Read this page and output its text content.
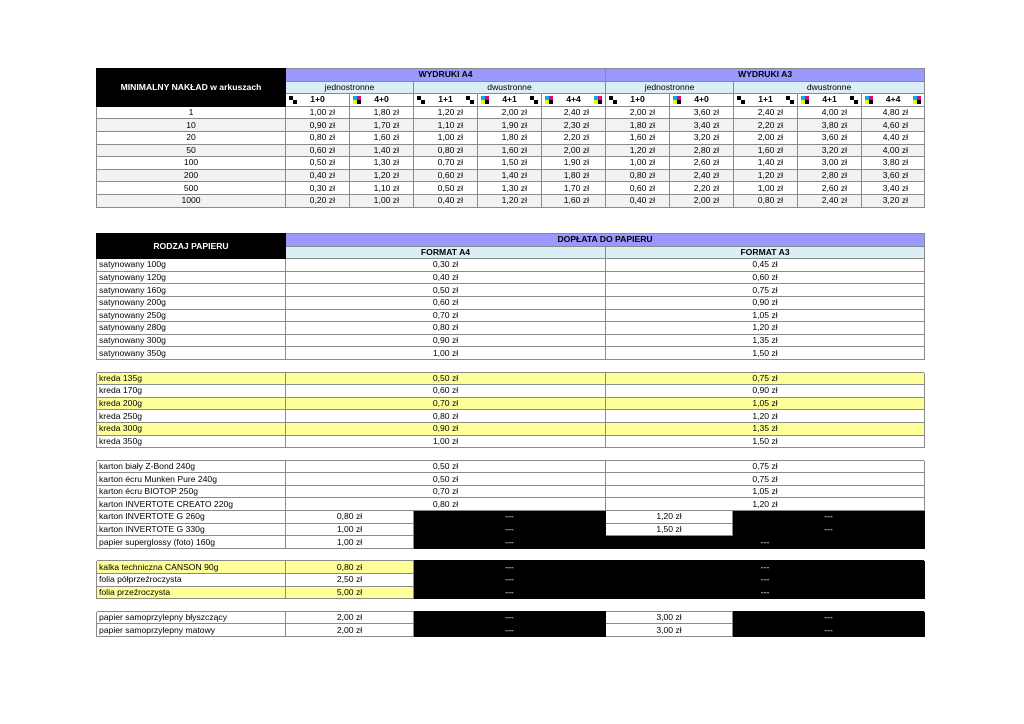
MINIMALNY NAKŁAD w arkuszach	WYDRUKI A4					WYDRUKI A3				
	jednostronne		dwustronne			jednostronne		dwustronne		

1+0	4+0	1+1	4+1	4+4	1+0	4+0	1+1	4+1	4+4

1	1,00 zł	1,80 zł	1,20 zł	2,00 zł	2,40 zł	2,00 zł	3,60 zł	2,40 zł	4,00 zł	4,80 zł
10	0,90 zł	1,70 zł	1,10 zł	1,90 zł	2,30 zł	1,80 zł	3,40 zł	2,20 zł	3,80 zł	4,60 zł
20	0,80 zł	1,60 zł	1,00 zł	1,80 zł	2,20 zł	1,60 zł	3,20 zł	2,00 zł	3,60 zł	4,40 zł
50	0,60 zł	1,40 zł	0,80 zł	1,60 zł	2,00 zł	1,20 zł	2,80 zł	1,60 zł	3,20 zł	4,00 zł
100	0,50 zł	1,30 zł	0,70 zł	1,50 zł	1,90 zł	1,00 zł	2,60 zł	1,40 zł	3,00 zł	3,80 zł
200	0,40 zł	1,20 zł	0,60 zł	1,40 zł	1,80 zł	0,80 zł	2,40 zł	1,20 zł	2,80 zł	3,60 zł
500	0,30 zł	1,10 zł	0,50 zł	1,30 zł	1,70 zł	0,60 zł	2,20 zł	1,00 zł	2,60 zł	3,40 zł
1000	0,20 zł	1,00 zł	0,40 zł	1,20 zł	1,60 zł	0,40 zł	2,00 zł	0,80 zł	2,40 zł	3,20 zł
RODZAJ PAPIERU	DOPŁATA DO PAPIERU			
	FORMAT A4		FORMAT A3	
satynowany 100g	0,30 zł		0,45 zł	
satynowany 120g	0,40 zł		0,60 zł	
satynowany 160g	0,50 zł		0,75 zł	
satynowany 200g	0,60 zł		0,90 zł	
satynowany 250g	0,70 zł		1,05 zł	
satynowany 280g	0,80 zł		1,20 zł	
satynowany 300g	0,90 zł		1,35 zł	
satynowany 350g	1,00 zł		1,50 zł	

kreda 135g	0,50 zł		0,75 zł	
kreda 170g	0,60 zł		0,90 zł	
kreda 200g	0,70 zł		1,05 zł	
kreda 250g	0,80 zł		1,20 zł	
kreda 300g	0,90 zł		1,35 zł	
kreda 350g	1,00 zł		1,50 zł	

karton biały Z-Bond 240g	0,50 zł		0,75 zł	
karton écru Munken Pure 240g	0,50 zł		0,75 zł	
karton écru BIOTOP 250g	0,70 zł		1,05 zł	
karton INVERTOTE CREATO 220g	0,80 zł		1,20 zł	
karton INVERTOTE G 260g	0,80 zł	---	1,20 zł	---
karton INVERTOTE G 330g	1,00 zł	---	1,50 zł	---
papier superglossy (foto) 160g	1,00 zł	---	---	

kalka techniczna CANSON 90g	0,80 zł	---	---	
folia półprzeźroczysta	2,50 zł	---	---	
folia przeźroczysta	5,00 zł	---	---	

papier samoprzylepny błyszczący	2,00 zł	---	3,00 zł	---
papier samoprzylepny matowy	2,00 zł	---	3,00 zł	---
